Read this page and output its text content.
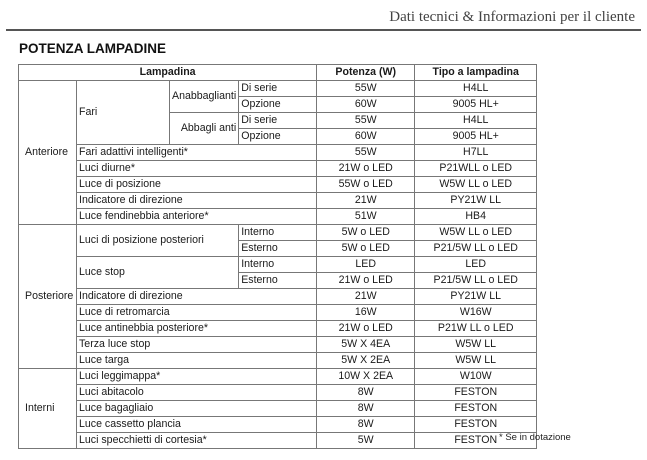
Dati tecnici & Informazioni per il cliente
POTENZA LAMPADINE
Lampadina				Potenza (W)	Tipo a lampadina
Anteriore	Fari	Anabbaglianti	Di serie	55W	H4LL
			Opzione	60W	9005 HL+
		Abbagli anti	Di serie	55W	H4LL
			Opzione	60W	9005 HL+
	Fari adattivi intelligenti*			55W	H7LL
	Luci diurne*			21W o LED	P21WLL o LED
	Luce di posizione			55W o LED	W5W LL o LED
	Indicatore di direzione			21W	PY21W LL
	Luce fendinebbia anteriore*			51W	HB4
Posteriore	Luci di posizione posteriori		Interno	5W o LED	W5W LL o LED
			Esterno	5W o LED	P21/5W LL o LED
	Luce stop		Interno	LED	LED
			Esterno	21W o LED	P21/5W LL o LED
	Indicatore di direzione			21W	PY21W LL
	Luce di retromarcia			16W	W16W
	Luce antinebbia posteriore*			21W o LED	P21W LL o LED
	Terza luce stop			5W X 4EA	W5W LL
	Luce targa			5W X 2EA	W5W LL
Interni	Luci leggimappa*			10W X 2EA	W10W
	Luci abitacolo			8W	FESTON
	Luce bagagliaio			8W	FESTON
	Luce cassetto plancia			8W	FESTON
	Luci specchietti di cortesia*			5W	FESTON * Se in dotazione
